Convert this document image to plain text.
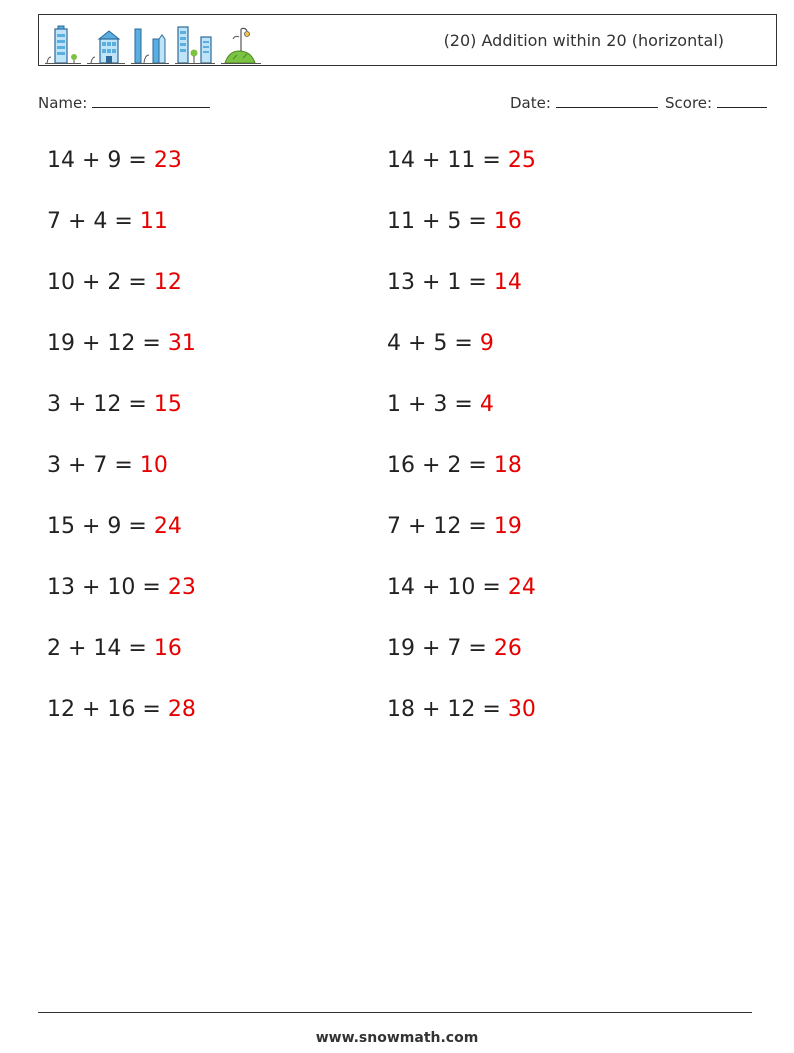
(20) Addition within 20 (horizontal)
Name:	Date:	Score:
14 + 9 = 23
7 + 4 = 11
10 + 2 = 12
19 + 12 = 31
3 + 12 = 15
3 + 7 = 10
15 + 9 = 24
13 + 10 = 23
2 + 14 = 16
12 + 16 = 28
14 + 11 = 25
11 + 5 = 16
13 + 1 = 14
4 + 5 = 9
1 + 3 = 4
16 + 2 = 18
7 + 12 = 19
14 + 10 = 24
19 + 7 = 26
18 + 12 = 30
www.snowmath.com
